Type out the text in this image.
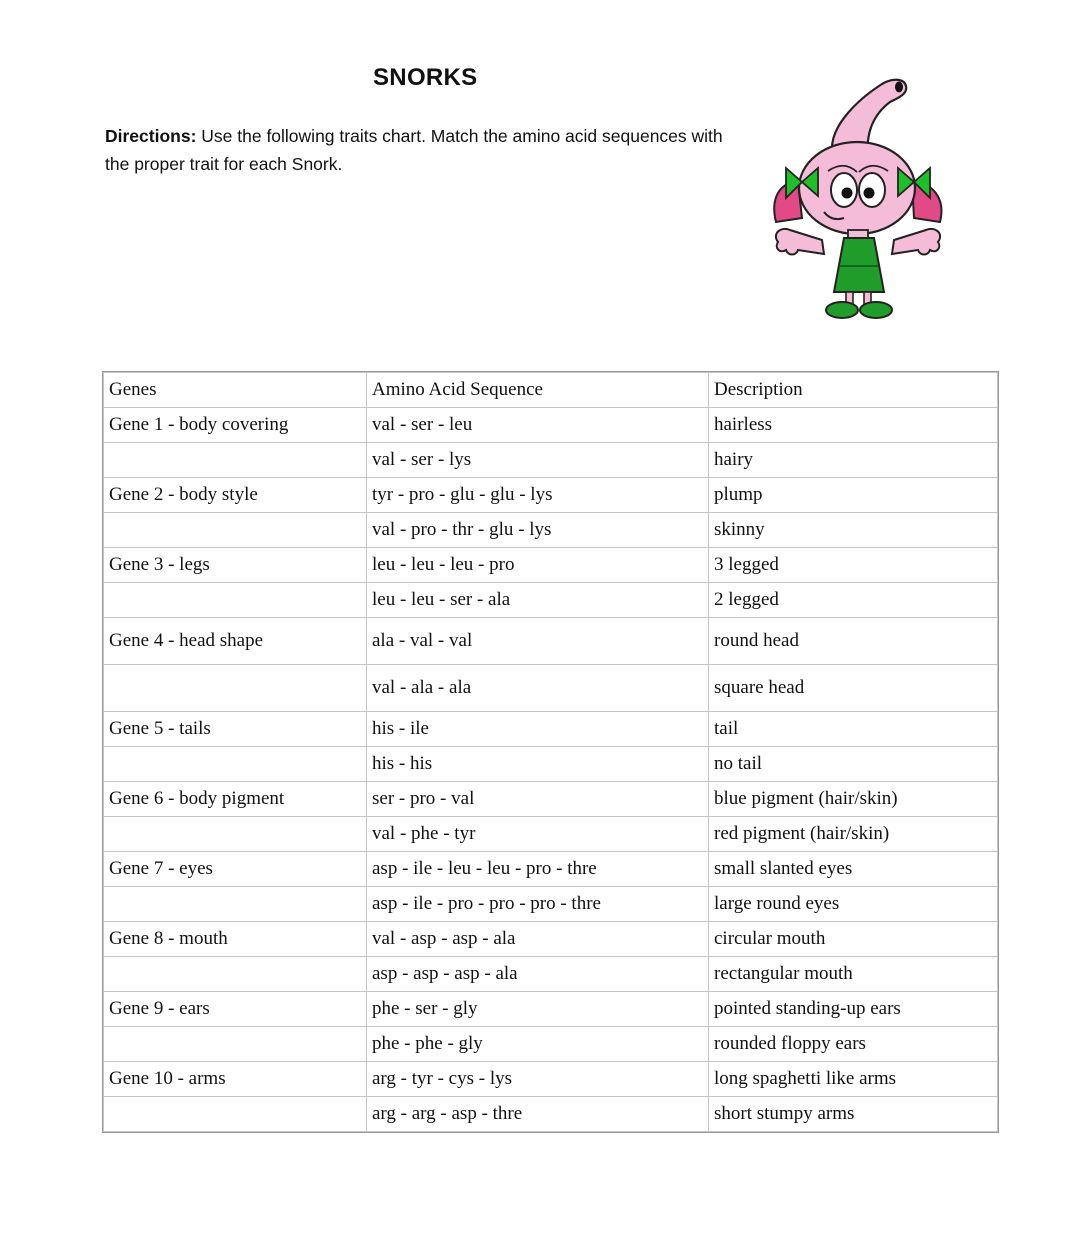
SNORKS

Directions: Use the following traits chart. Match the amino acid sequences with the proper trait for each Snork.

Genes	Amino Acid Sequence	Description
Gene 1 - body covering	val - ser - leu	hairless
	val - ser - lys	hairy
Gene 2 - body style	tyr - pro - glu - glu - lys	plump
	val - pro - thr - glu - lys	skinny
Gene 3 - legs	leu - leu - leu - pro	3 legged
	leu - leu - ser - ala	2 legged
Gene 4 - head shape	ala - val - val	round head
	val - ala - ala	square head
Gene 5 - tails	his - ile	tail
	his - his	no tail
Gene 6 - body pigment	ser - pro - val	blue pigment (hair/skin)
	val - phe - tyr	red pigment (hair/skin)
Gene 7 - eyes	asp - ile - leu - leu - pro - thre	small slanted eyes
	asp - ile - pro - pro - pro - thre	large round eyes
Gene 8 - mouth	val - asp - asp - ala	circular mouth
	asp - asp - asp - ala	rectangular mouth
Gene 9 - ears	phe - ser - gly	pointed standing-up ears
	phe - phe - gly	rounded floppy ears
Gene 10 - arms	arg - tyr - cys - lys	long spaghetti like arms
	arg - arg - asp - thre	short stumpy arms
